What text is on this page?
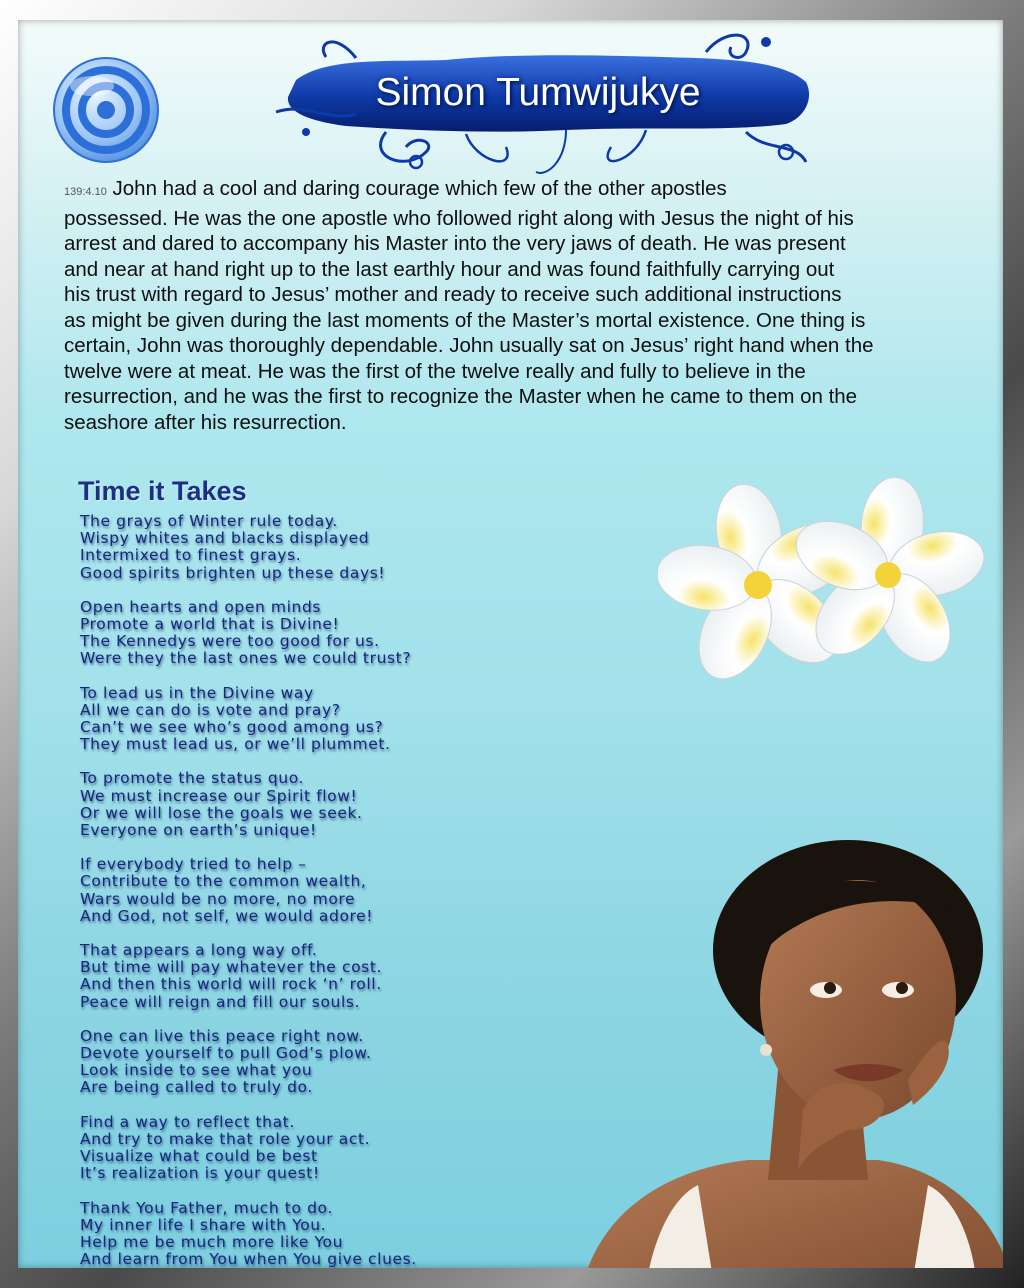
Simon Tumwijukye

139:4.10 John had a cool and daring courage which few of the other apostles
possessed. He was the one apostle who followed right along with Jesus the night of his
arrest and dared to accompany his Master into the very jaws of death. He was present
and near at hand right up to the last earthly hour and was found faithfully carrying out
his trust with regard to Jesus’ mother and ready to receive such additional instructions
as might be given during the last moments of the Master’s mortal existence. One thing is
certain, John was thoroughly dependable. John usually sat on Jesus’ right hand when the
twelve were at meat. He was the first of the twelve really and fully to believe in the
resurrection, and he was the first to recognize the Master when he came to them on the
seashore after his resurrection.

Time it Takes
The grays of Winter rule today.
Wispy whites and blacks displayed
Intermixed to finest grays.
Good spirits brighten up these days!
Open hearts and open minds
Promote a world that is Divine!
The Kennedys were too good for us.
Were they the last ones we could trust?
To lead us in the Divine way
All we can do is vote and pray?
Can’t we see who’s good among us?
They must lead us, or we’ll plummet.
To promote the status quo.
We must increase our Spirit flow!
Or we will lose the goals we seek.
Everyone on earth’s unique!
If everybody tried to help –
Contribute to the common wealth,
Wars would be no more, no more
And God, not self, we would adore!
That appears a long way off.
But time will pay whatever the cost.
And then this world will rock ‘n’ roll.
Peace will reign and fill our souls.
One can live this peace right now.
Devote yourself to pull God’s plow.
Look inside to see what you
Are being called to truly do.
Find a way to reflect that.
And try to make that role your act.
Visualize what could be best
It’s realization is your quest!
Thank You Father, much to do.
My inner life I share with You.
Help me be much more like You
And learn from You when You give clues.
